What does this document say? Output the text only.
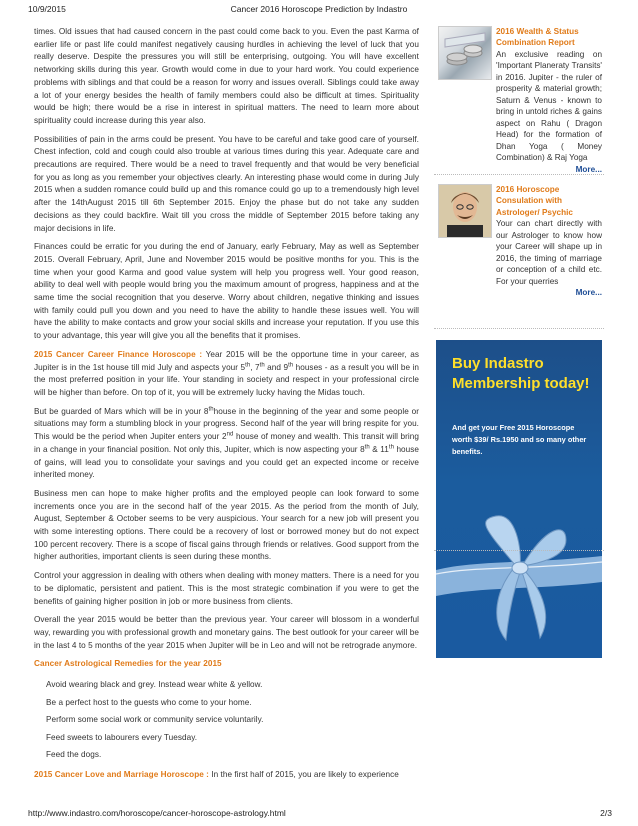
10/9/2015	Cancer 2016 Horoscope Prediction by Indastro

times. Old issues that had caused concern in the past could come back to you. Even the past Karma of earlier life or past life could manifest negatively causing hurdles in achieving the level of luck that you really deserve. Despite the pressures you will still be enterprising, outgoing. You will have excellent networking skills during this year. Growth would come in due to your hard work. You could experience problems with siblings and that could be a reason for worry and issues overall. Siblings could take away a lot of your energy besides the health of family members could also be difficult at times. Spirituality would be high; there would be a rise in interest in spiritual matters. The need to learn more about spirituality could increase during this year also.

Possibilities of pain in the arms could be present. You have to be careful and take good care of yourself. Chest infection, cold and cough could also trouble at various times during this year. Adequate care and precautions are required. There would be a need to travel frequently and that would be very beneficial for you as long as you remember your objectives clearly. An interesting phase would come in during July 2015 when a sudden romance could build up and this romance could go up to a tremendously high level after the 14thAugust 2015 till 6th September 2015. Enjoy the phase but do not take any sudden decisions as they could backfire. Wait till you cross the middle of September 2015 before taking any major decisions in life.

Finances could be erratic for you during the end of January, early February, May as well as September 2015. Overall February, April, June and November 2015 would be positive months for you. This is the time when your good Karma and good value system will help you progress well. Your good reason, ability to deal well with people would bring you the maximum amount of progress, happiness and at the same time the social recognition that you deserve. Worry about children, negative thinking and issues with family could pull you down and you need to have the ability to handle these issues well. You will have the ability to make contacts and grow your social skills and increase your reputation. If you use this to your advantage, this year will give you all the benefits that it promises.

2015 Cancer Career Finance Horoscope : Year 2015 will be the opportune time in your career, as Jupiter is in the 1st house till mid July and aspects your 5th, 7th and 9th houses - as a result you will be in the most preferred position in your life. Your standing in society and respect in your professional circle will be higher than before. On top of it, you will be extremely lucky having the Midas touch.

But be guarded of Mars which will be in your 8thhouse in the beginning of the year and some people or situations may form a stumbling block in your progress. Second half of the year will bring respite for you. This would be the period when Jupiter enters your 2nd house of money and wealth. This transit will bring in a change in your financial position. Not only this, Jupiter, which is now aspecting your 8th & 11th house of gains, will lead you to consolidate your savings and you could get an expected income or receive inherited money.

Business men can hope to make higher profits and the employed people can look forward to some increments once you are in the second half of the year 2015. As the period from the month of July, August, September & October seems to be very auspicious. Your search for a new job will present you with some interesting options. There could be a recovery of lost or borrowed money but do not expect 100 percent recovery. There is a scope of fiscal gains through friends or relatives. Good support from the higher authorities, important clients is seen during these months.

Control your aggression in dealing with others when dealing with money matters. There is a need for you to be diplomatic, persistent and patient. This is the most strategic combination if you were to get the benefits of gaining higher position in job or more business from clients.

Overall the year 2015 would be better than the previous year. Your career will blossom in a wonderful way, rewarding you with professional growth and monetary gains. The best outlook for your career will be in the last 4 to 5 months of the year 2015 when Jupiter will be in Leo and will not be retrograde anymore.

Cancer Astrological Remedies for the year 2015

Avoid wearing black and grey. Instead wear white & yellow.
Be a perfect host to the guests who come to your home.
Perform some social work or community service voluntarily.
Feed sweets to labourers every Tuesday.
Feed the dogs.

2015 Cancer Love and Marriage Horoscope : In the first half of 2015, you are likely to experience

2016 Wealth & Status Combination Report
An exclusive reading on 'Important Planeraty Transits' in 2016. Jupiter - the ruler of prosperity & material growth; Saturn & Venus - known to bring in untold riches & gains aspect on Rahu ( Dragon Head) for the formation of Dhan Yoga ( Money Combination) & Raj Yoga
More...
2016 Horoscope Consulation with Astrologer/ Psychic
Your can chart directly with our Astrologer to know how your Career will shape up in 2016, the timing of marriage or conception of a child etc. For your querries
More...
Buy Indastro Membership today!
And get your Free 2015 Horoscope worth $39/ Rs.1950 and so many other benefits.
http://www.indastro.com/horoscope/cancer-horoscope-astrology.html	2/3
